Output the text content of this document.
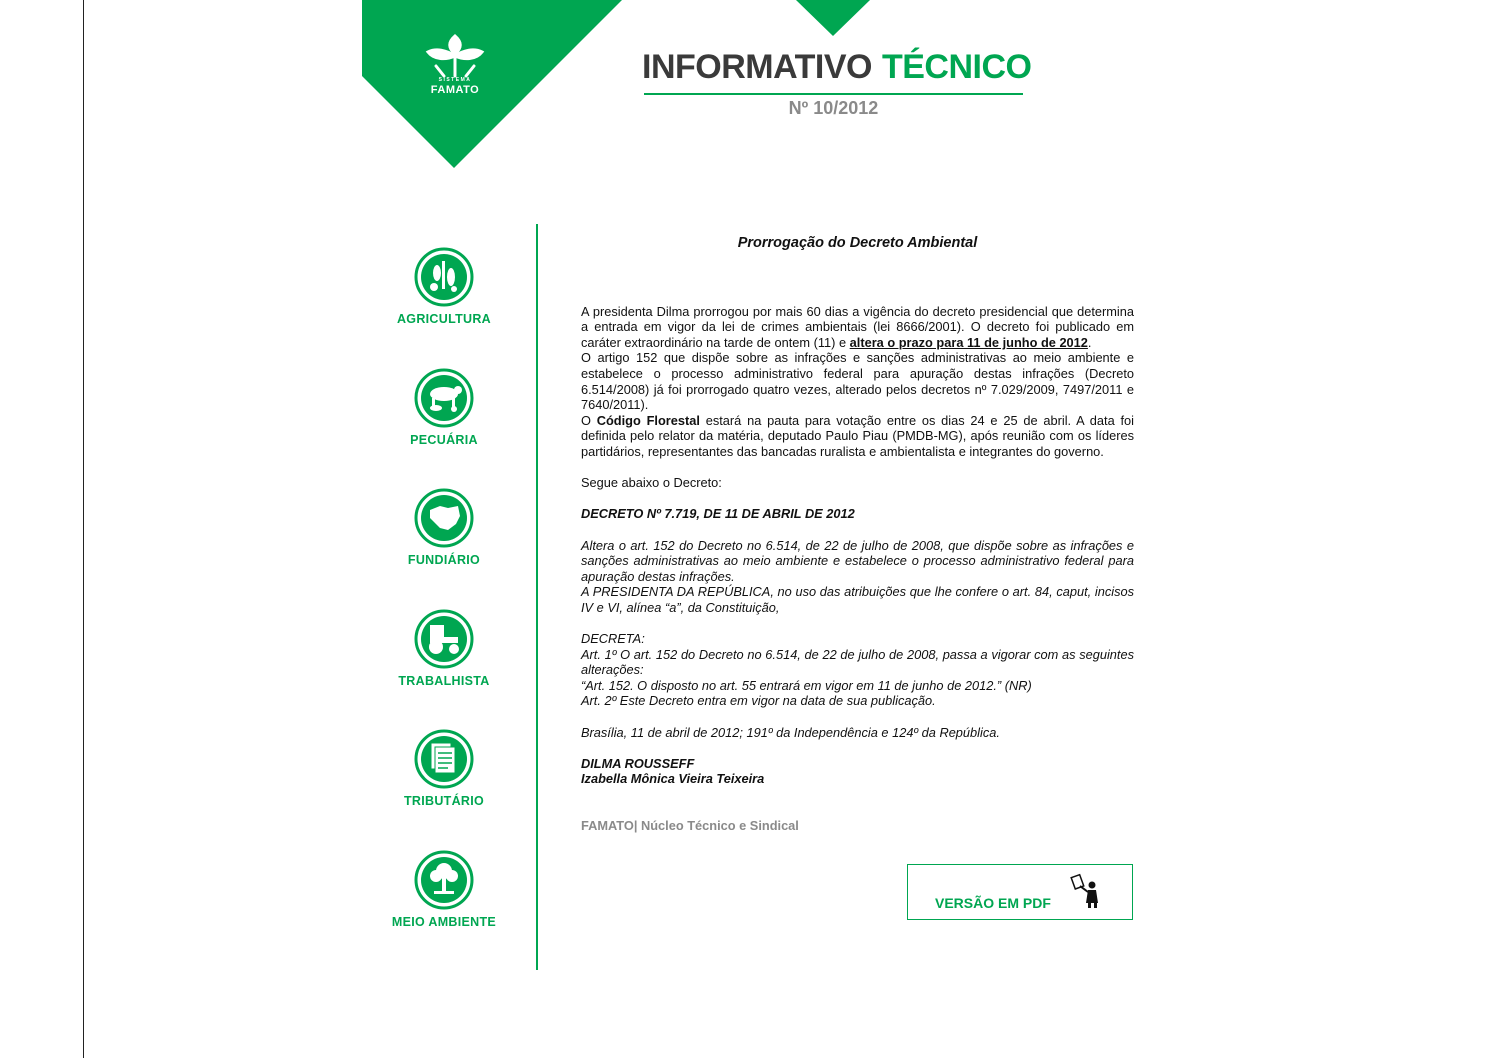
SISTEMA
FAMATO
INFORMATIVO TÉCNICO
Nº 10/2012
AGRICULTURA
PECUÁRIA
FUNDIÁRIO
TRABALHISTA
TRIBUTÁRIO
MEIO AMBIENTE

Prorrogação do Decreto Ambiental

A presidenta Dilma prorrogou por mais 60 dias a vigência do decreto presidencial que determina a entrada em vigor da lei de crimes ambientais (lei 8666/2001). O decreto foi publicado em caráter extraordinário na tarde de ontem (11) e altera o prazo para 11 de junho de 2012.

O artigo 152 que dispõe sobre as infrações e sanções administrativas ao meio ambiente e estabelece o processo administrativo federal para apuração destas infrações (Decreto 6.514/2008) já foi prorrogado quatro vezes, alterado pelos decretos nº 7.029/2009, 7497/2011 e 7640/2011).

O Código Florestal estará na pauta para votação entre os dias 24 e 25 de abril. A data foi definida pelo relator da matéria, deputado Paulo Piau (PMDB-MG), após reunião com os líderes partidários, representantes das bancadas ruralista e ambientalista e integrantes do governo.

Segue abaixo o Decreto:

DECRETO Nº 7.719, DE 11 DE ABRIL DE 2012

Altera o art. 152 do Decreto no 6.514, de 22 de julho de 2008, que dispõe sobre as infrações e sanções administrativas ao meio ambiente e estabelece o processo administrativo federal para apuração destas infrações.

A PRESIDENTA DA REPÚBLICA, no uso das atribuições que lhe confere o art. 84, caput, incisos IV e VI, alínea “a”, da Constituição,

DECRETA:

Art. 1º O art. 152 do Decreto no 6.514, de 22 de julho de 2008, passa a vigorar com as seguintes alterações:

“Art. 152. O disposto no art. 55 entrará em vigor em 11 de junho de 2012.” (NR)

Art. 2º Este Decreto entra em vigor na data de sua publicação.

Brasília, 11 de abril de 2012; 191º da Independência e 124º da República.

DILMA ROUSSEFF

Izabella Mônica Vieira Teixeira

FAMATO| Núcleo Técnico e Sindical

VERSÃO EM PDF
